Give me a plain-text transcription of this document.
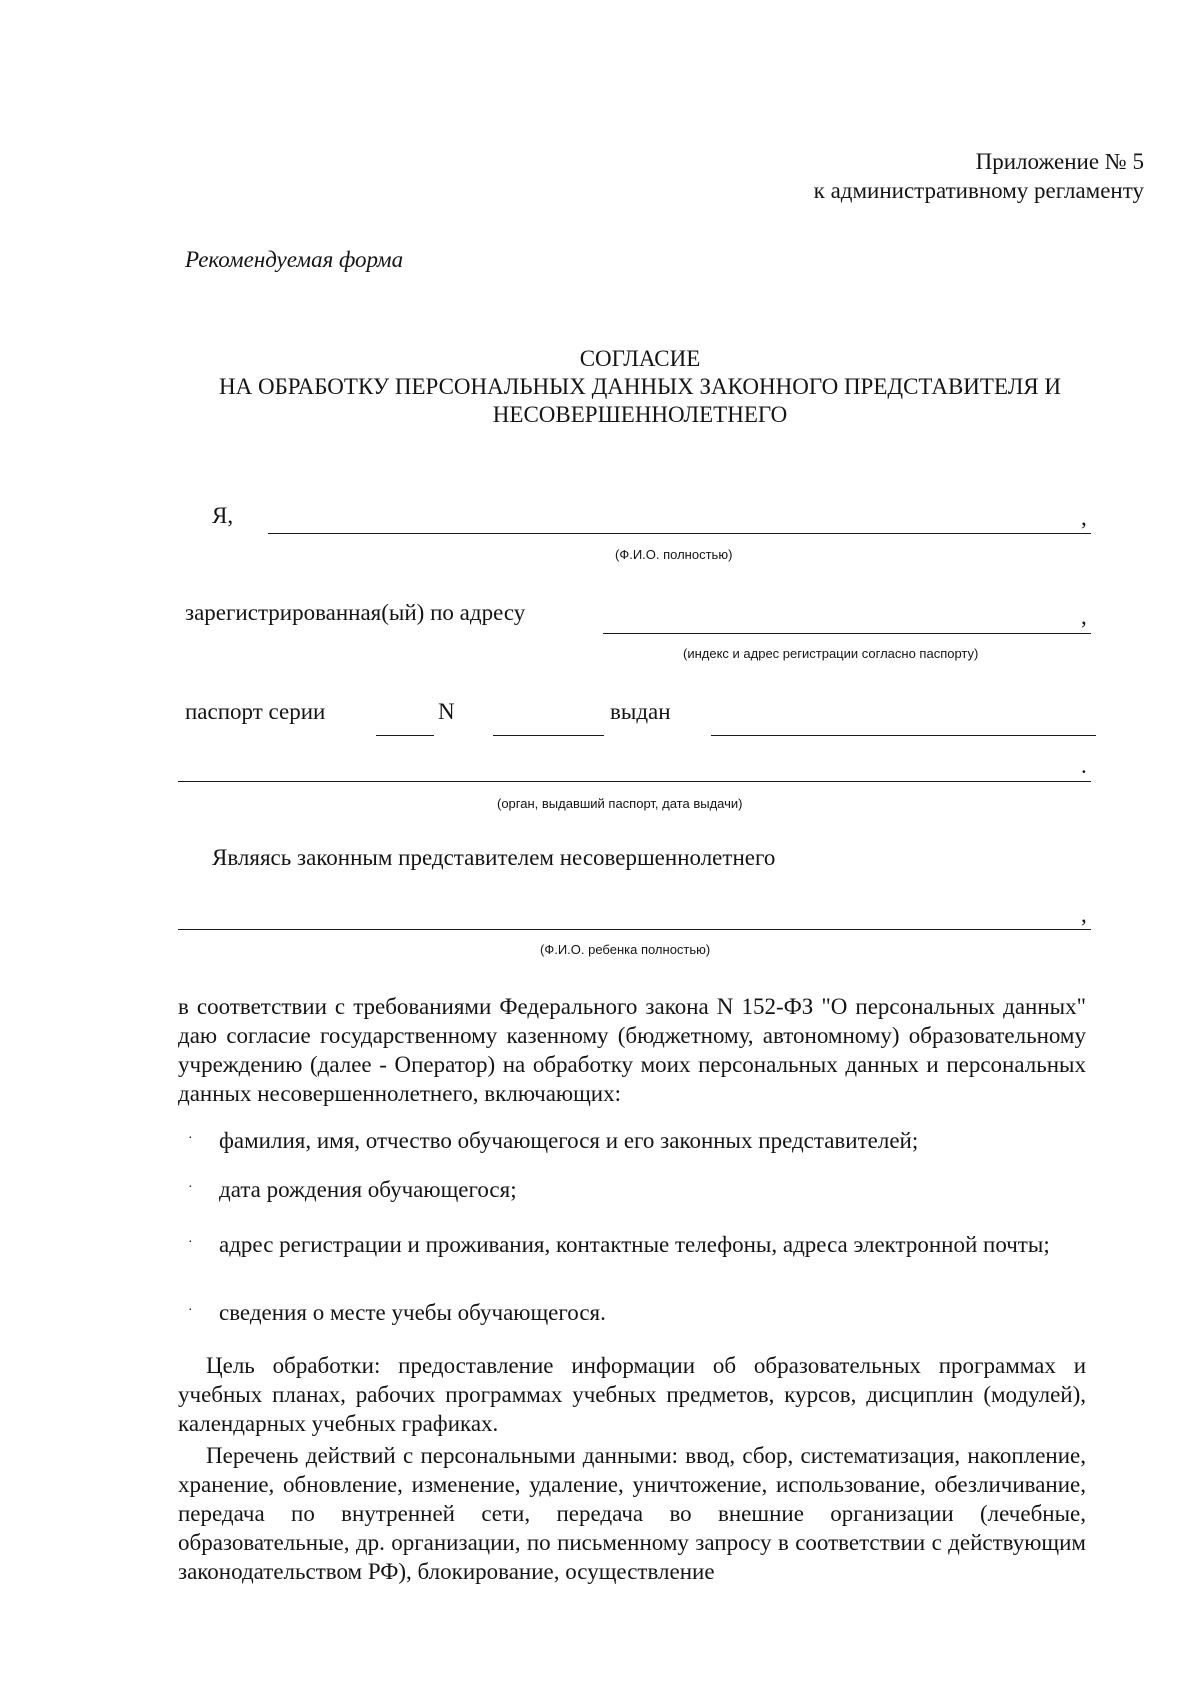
Приложение № 5
к административному регламенту
Рекомендуемая форма
СОГЛАСИЕ
НА ОБРАБОТКУ ПЕРСОНАЛЬНЫХ ДАННЫХ ЗАКОННОГО ПРЕДСТАВИТЕЛЯ И
НЕСОВЕРШЕННОЛЕТНЕГО
Я,	,
(Ф.И.О. полностью)
зарегистрированная(ый) по адресу	,
(индекс и адрес регистрации согласно паспорту)
паспорт серии	N	выдан
.
(орган, выдавший паспорт, дата выдачи)
Являясь законным представителем несовершеннолетнего
,
(Ф.И.О. ребенка полностью)
в соответствии с требованиями Федерального закона N 152-ФЗ "О персональных данных" даю согласие государственному казенному (бюджетному, автономному) образовательному учреждению (далее - Оператор) на обработку моих персональных данных и персональных данных несовершеннолетнего, включающих:
· фамилия, имя, отчество обучающегося и его законных представителей;
· дата рождения обучающегося;
· адрес регистрации и проживания, контактные телефоны, адреса электронной почты;
· сведения о месте учебы обучающегося.
Цель обработки: предоставление информации об образовательных программах и учебных планах, рабочих программах учебных предметов, курсов, дисциплин (модулей), календарных учебных графиках.
Перечень действий с персональными данными: ввод, сбор, систематизация, накопление, хранение, обновление, изменение, удаление, уничтожение, использование, обезличивание, передача по внутренней сети, передача во внешние организации (лечебные, образовательные, др. организации, по письменному запросу в соответствии с действующим законодательством РФ), блокирование, осуществление
